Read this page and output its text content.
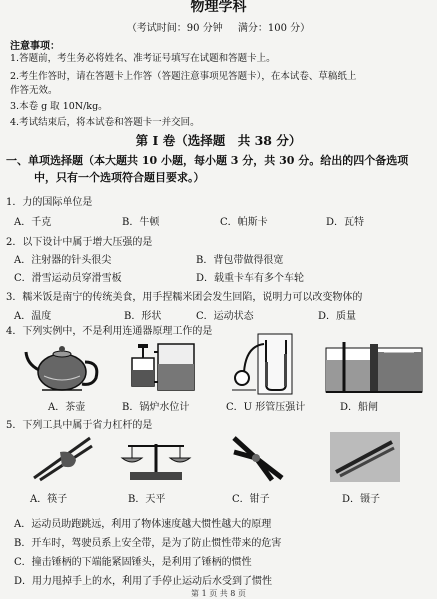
物理学科
（考试时间：90 分钟 满分：100 分）
注意事项：
1.答题前，考生务必将姓名、准考证号填写在试题和答题卡上。
2.考生作答时，请在答题卡上作答（答题注意事项见答题卡），在本试卷、草稿纸上
作答无效。
3.本卷 g 取 10N/kg。
4.考试结束后，将本试卷和答题卡一并交回。
第 I 卷（选择题　共 38 分）
一、单项选择题（本大题共 10 小题，每小题 3 分，共 30 分。给出的四个备选项
中，只有一个选项符合题目要求。）
1．力的国际单位是
A．千克	B．牛顿	C．帕斯卡	D．瓦特
2．以下设计中属于增大压强的是
A．注射器的针头很尖	B．背包带做得很宽
C．滑雪运动员穿滑雪板	D．载重卡车有多个车轮
3．糯米饭是南宁的传统美食，用手捏糯米团会发生回陷，说明力可以改变物体的
A．温度	B．形状	C．运动状态	D．质量
4．下列实例中，不是利用连通器原理工作的是
A．茶壶	B．锅炉水位计	C．U 形管压强计	D．船闸
5．下列工具中属于省力杠杆的是
A．筷子	B．天平	C．钳子	D．镊子
A．运动员助跑跳远，利用了物体速度越大惯性越大的原理
B．开车时，驾驶员系上安全带，是为了防止惯性带来的危害
C．撞击锤柄的下端能紧固锤头，是利用了锤柄的惯性
D．用力甩掉手上的水，利用了手停止运动后水受到了惯性
第 1 页 共 8 页
